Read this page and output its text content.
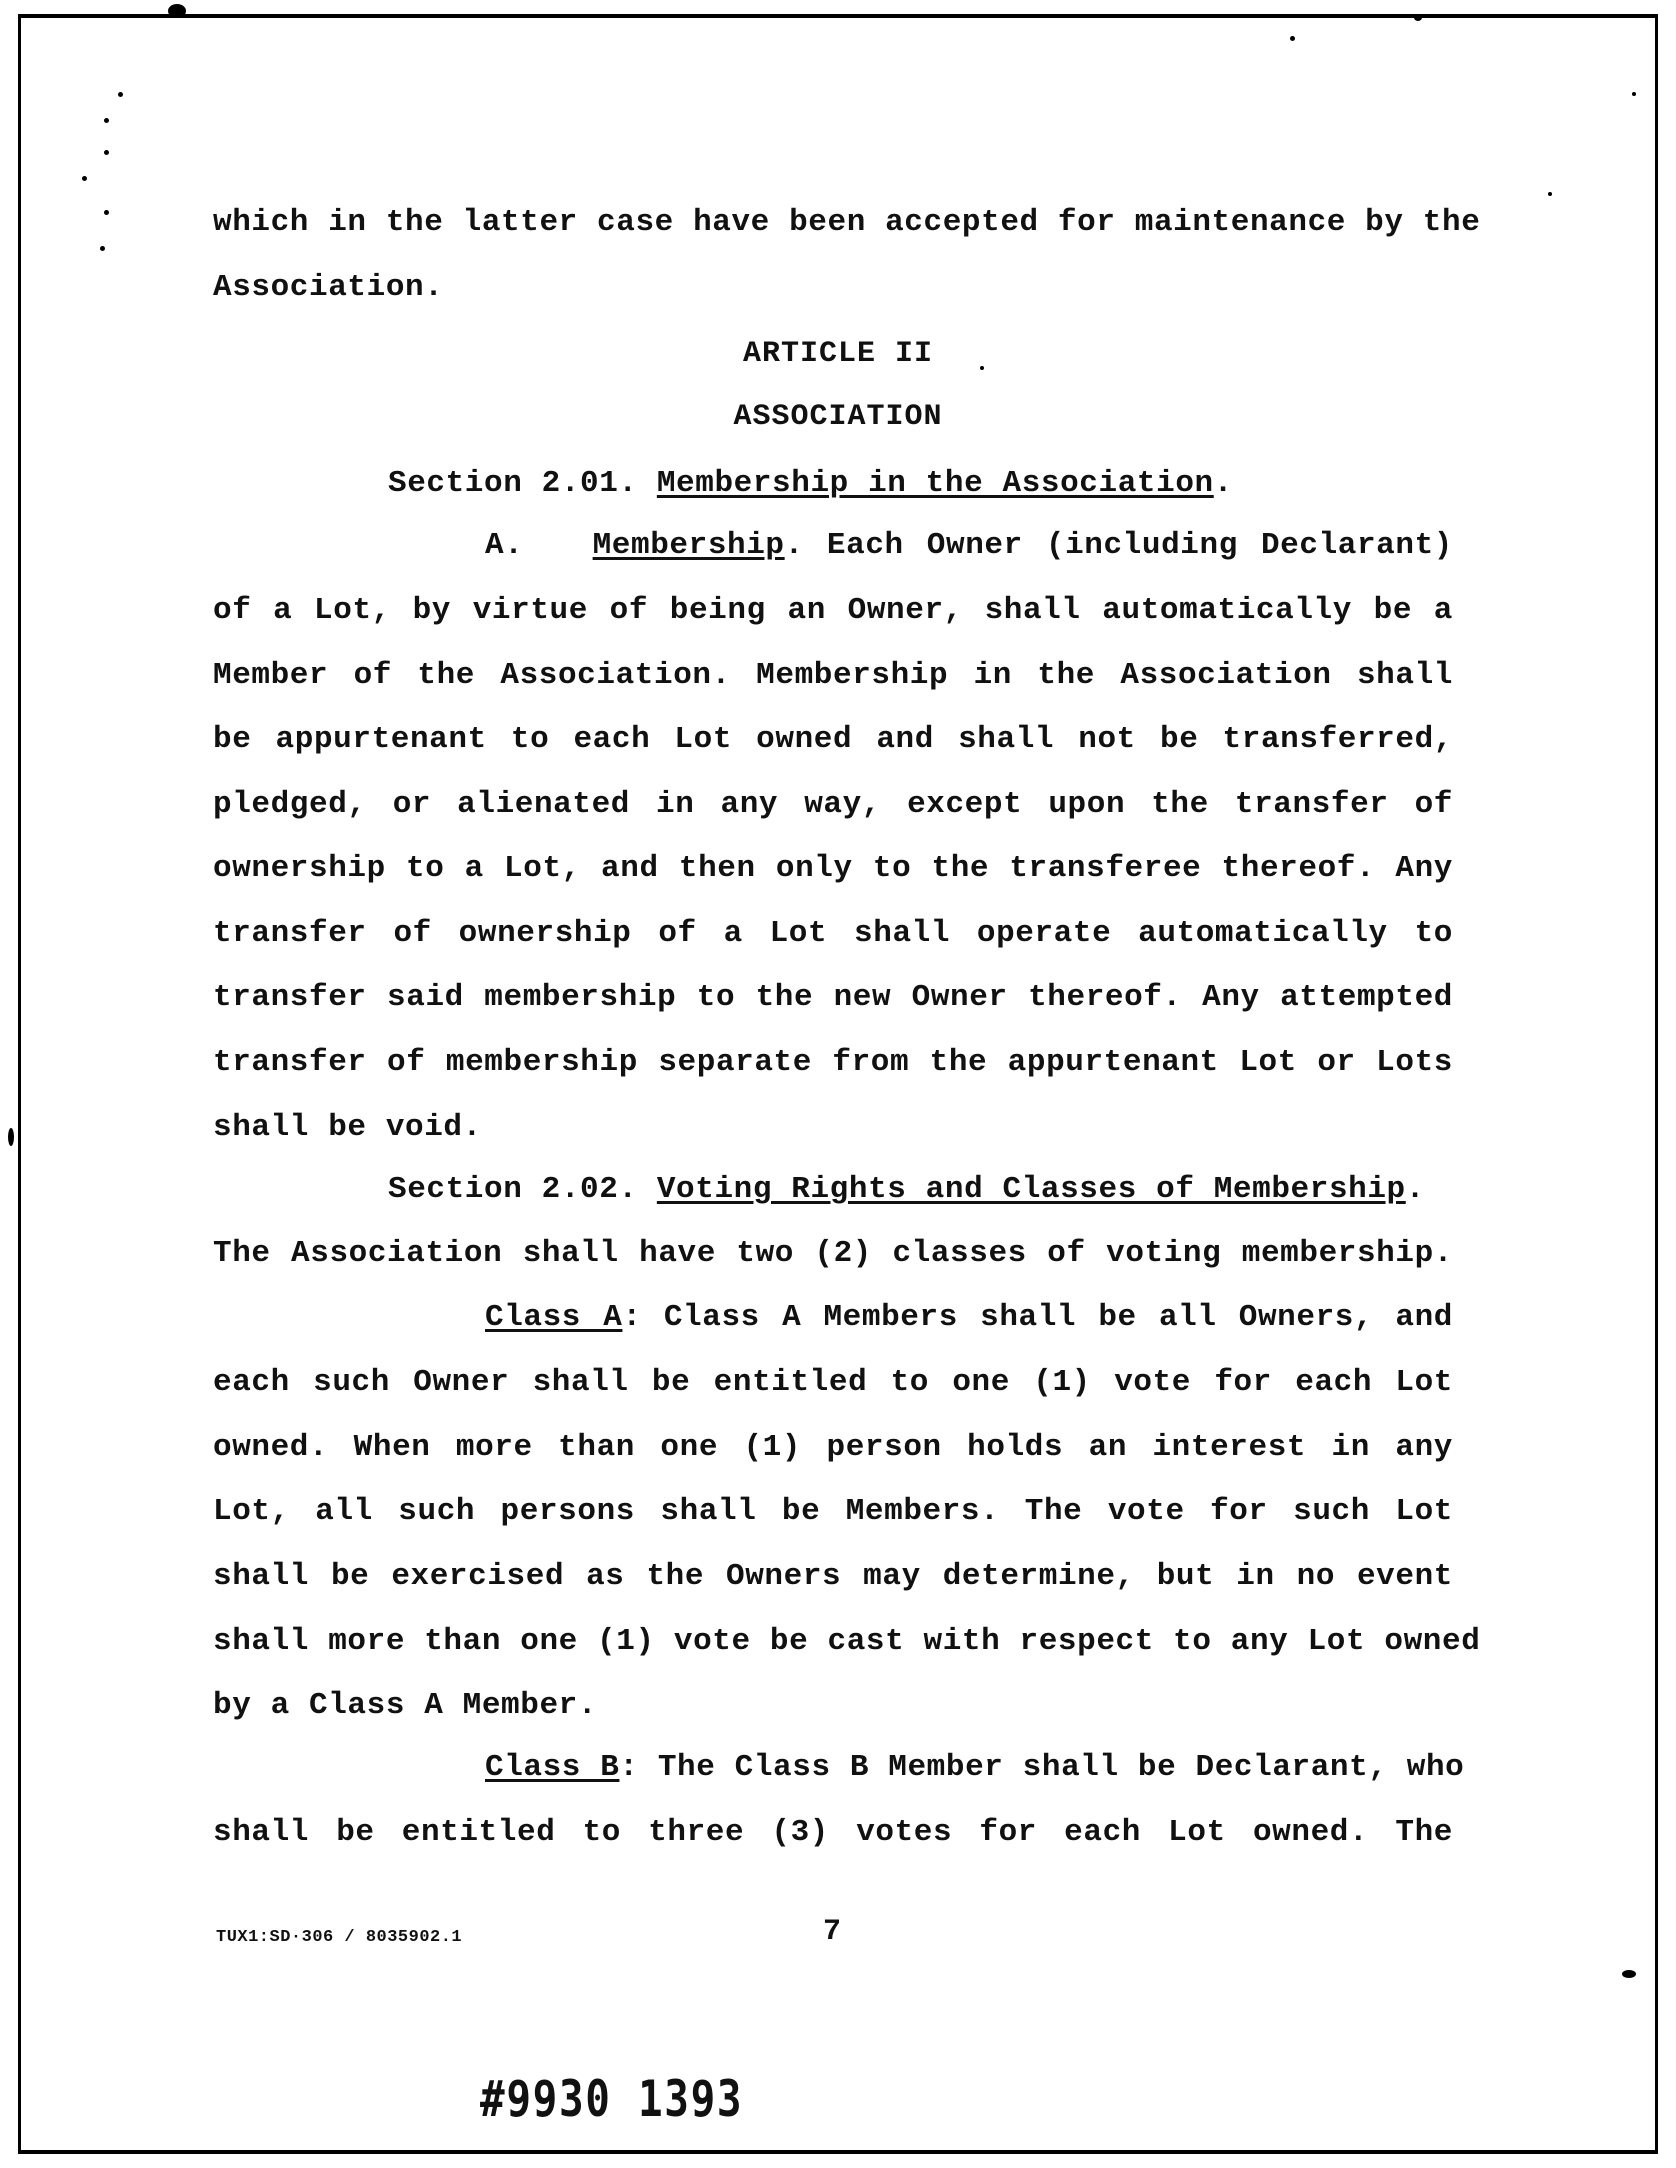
which in the latter case have been accepted for maintenance by the
Association.
ARTICLE II
ASSOCIATION
Section 2.01. Membership in the Association.
A. Membership. Each Owner (including Declarant)
of a Lot, by virtue of being an Owner, shall automatically be a
Member of the Association. Membership in the Association shall
be appurtenant to each Lot owned and shall not be transferred,
pledged, or alienated in any way, except upon the transfer of
ownership to a Lot, and then only to the transferee thereof. Any
transfer of ownership of a Lot shall operate automatically to
transfer said membership to the new Owner thereof. Any attempted
transfer of membership separate from the appurtenant Lot or Lots
shall be void.
Section 2.02. Voting Rights and Classes of Membership.
The Association shall have two (2) classes of voting membership.
Class A: Class A Members shall be all Owners, and
each such Owner shall be entitled to one (1) vote for each Lot
owned. When more than one (1) person holds an interest in any
Lot, all such persons shall be Members. The vote for such Lot
shall be exercised as the Owners may determine, but in no event
shall more than one (1) vote be cast with respect to any Lot owned
by a Class A Member.
Class B: The Class B Member shall be Declarant, who
shall be entitled to three (3) votes for each Lot owned. The
TUX1:SD·306 / 8035902.1	7
#9930 1393
